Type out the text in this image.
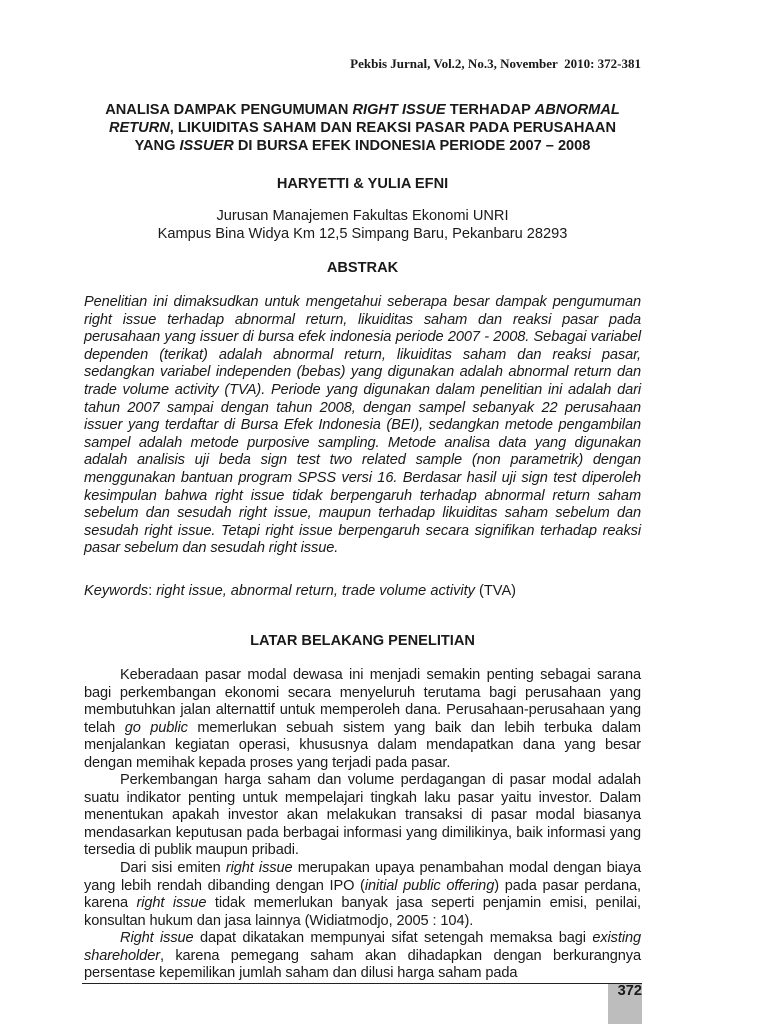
Pekbis Jurnal, Vol.2, No.3, November  2010: 372-381
ANALISA DAMPAK PENGUMUMAN RIGHT ISSUE TERHADAP ABNORMAL
RETURN, LIKUIDITAS SAHAM DAN REAKSI PASAR PADA PERUSAHAAN
YANG ISSUER DI BURSA EFEK INDONESIA PERIODE 2007 – 2008
HARYETTI & YULIA EFNI
Jurusan Manajemen Fakultas Ekonomi UNRI
Kampus Bina Widya Km 12,5 Simpang Baru, Pekanbaru 28293
ABSTRAK
Penelitian ini dimaksudkan untuk mengetahui seberapa besar dampak pengumuman right issue terhadap abnormal return, likuiditas saham dan reaksi pasar pada perusahaan yang issuer di bursa efek indonesia periode 2007 - 2008. Sebagai variabel dependen (terikat) adalah abnormal return, likuiditas saham dan reaksi pasar, sedangkan variabel independen (bebas) yang digunakan adalah abnormal return dan trade volume activity (TVA). Periode yang digunakan dalam penelitian ini adalah dari tahun 2007 sampai dengan tahun 2008, dengan sampel sebanyak 22 perusahaan issuer yang terdaftar di Bursa Efek Indonesia (BEI), sedangkan metode pengambilan sampel adalah metode purposive sampling. Metode analisa data yang digunakan adalah analisis uji beda sign test two related sample (non parametrik) dengan menggunakan bantuan program SPSS versi 16. Berdasar hasil uji sign test diperoleh kesimpulan bahwa right issue tidak berpengaruh terhadap abnormal return saham sebelum dan sesudah right issue, maupun terhadap likuiditas saham sebelum dan sesudah right issue. Tetapi right issue berpengaruh secara signifikan terhadap reaksi pasar sebelum dan sesudah right issue.
Keywords: right issue, abnormal return, trade volume activity (TVA)
LATAR BELAKANG PENELITIAN

Keberadaan pasar modal dewasa ini menjadi semakin penting sebagai sarana bagi perkembangan ekonomi secara menyeluruh terutama bagi perusahaan yang membutuhkan jalan alternattif untuk memperoleh dana. Perusahaan-perusahaan yang telah go public memerlukan sebuah sistem yang baik dan lebih terbuka dalam menjalankan kegiatan operasi, khususnya dalam mendapatkan dana yang besar dengan memihak kepada proses yang terjadi pada pasar.

Perkembangan harga saham dan volume perdagangan di pasar modal adalah suatu indikator penting untuk mempelajari tingkah laku pasar yaitu investor. Dalam menentukan apakah investor akan melakukan transaksi di pasar modal biasanya mendasarkan keputusan pada berbagai informasi yang dimilikinya, baik informasi yang tersedia di publik maupun pribadi.

Dari sisi emiten right issue merupakan upaya penambahan modal dengan biaya yang lebih rendah dibanding dengan IPO (initial public offering) pada pasar perdana, karena right issue tidak memerlukan banyak jasa seperti penjamin emisi, penilai, konsultan hukum dan jasa lainnya (Widiatmodjo, 2005 : 104).

Right issue dapat dikatakan mempunyai sifat setengah memaksa bagi existing shareholder, karena pemegang saham akan dihadapkan dengan berkurangnya persentase kepemilikan jumlah saham dan dilusi harga saham pada

372
